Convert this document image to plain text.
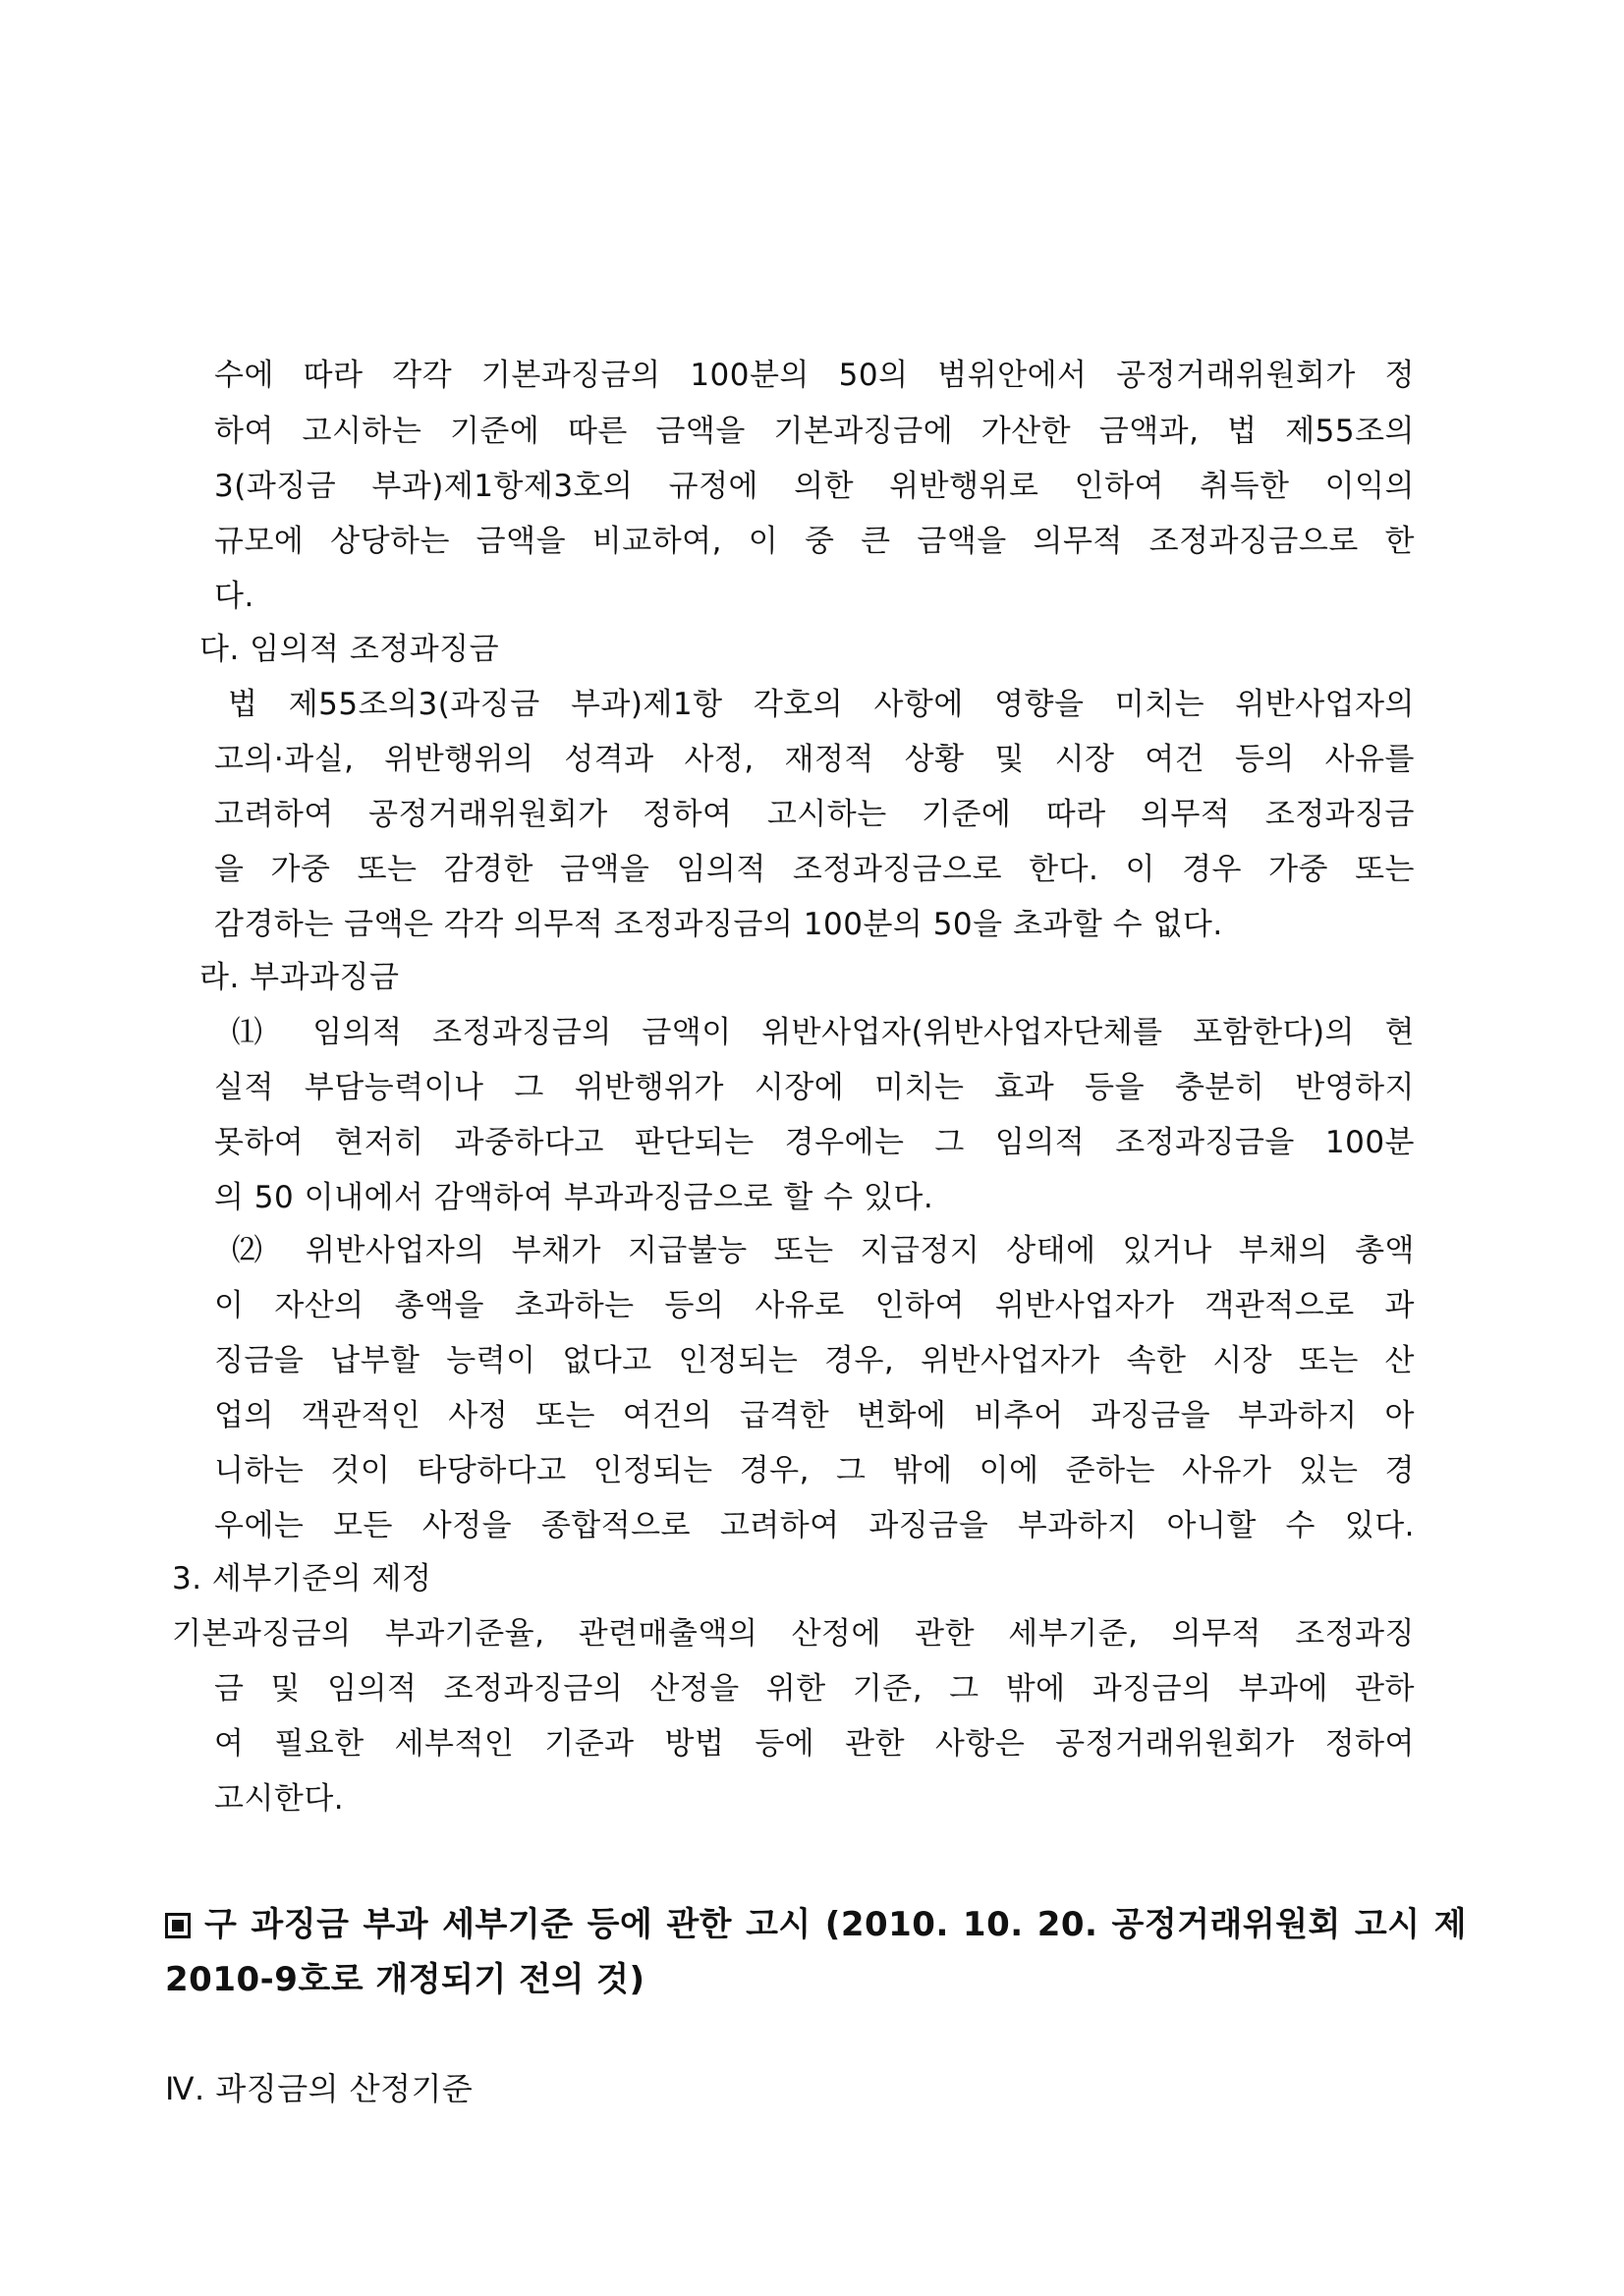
수에 따라 각각 기본과징금의 100분의 50의 범위안에서 공정거래위원회가 정
하여 고시하는 기준에 따른 금액을 기본과징금에 가산한 금액과, 법 제55조의
3(과징금 부과)제1항제3호의 규정에 의한 위반행위로 인하여 취득한 이익의
규모에 상당하는 금액을 비교하여, 이 중 큰 금액을 의무적 조정과징금으로 한
다.
다. 임의적 조정과징금
법 제55조의3(과징금 부과)제1항 각호의 사항에 영향을 미치는 위반사업자의
고의·과실, 위반행위의 성격과 사정, 재정적 상황 및 시장 여건 등의 사유를
고려하여 공정거래위원회가 정하여 고시하는 기준에 따라 의무적 조정과징금
을 가중 또는 감경한 금액을 임의적 조정과징금으로 한다. 이 경우 가중 또는
감경하는 금액은 각각 의무적 조정과징금의 100분의 50을 초과할 수 없다.
라. 부과과징금
⑴ 임의적 조정과징금의 금액이 위반사업자(위반사업자단체를 포함한다)의 현
실적 부담능력이나 그 위반행위가 시장에 미치는 효과 등을 충분히 반영하지
못하여 현저히 과중하다고 판단되는 경우에는 그 임의적 조정과징금을 100분
의 50 이내에서 감액하여 부과과징금으로 할 수 있다.
⑵ 위반사업자의 부채가 지급불능 또는 지급정지 상태에 있거나 부채의 총액
이 자산의 총액을 초과하는 등의 사유로 인하여 위반사업자가 객관적으로 과
징금을 납부할 능력이 없다고 인정되는 경우, 위반사업자가 속한 시장 또는 산
업의 객관적인 사정 또는 여건의 급격한 변화에 비추어 과징금을 부과하지 아
니하는 것이 타당하다고 인정되는 경우, 그 밖에 이에 준하는 사유가 있는 경
우에는 모든 사정을 종합적으로 고려하여 과징금을 부과하지 아니할 수 있다.
3. 세부기준의 제정
기본과징금의 부과기준율, 관련매출액의 산정에 관한 세부기준, 의무적 조정과징
금 및 임의적 조정과징금의 산정을 위한 기준, 그 밖에 과징금의 부과에 관하
여 필요한 세부적인 기준과 방법 등에 관한 사항은 공정거래위원회가 정하여
고시한다.
구 과징금 부과 세부기준 등에 관한 고시 (2010. 10. 20. 공정거래위원회 고시 제
2010-9호로 개정되기 전의 것)
Ⅳ. 과징금의 산정기준
